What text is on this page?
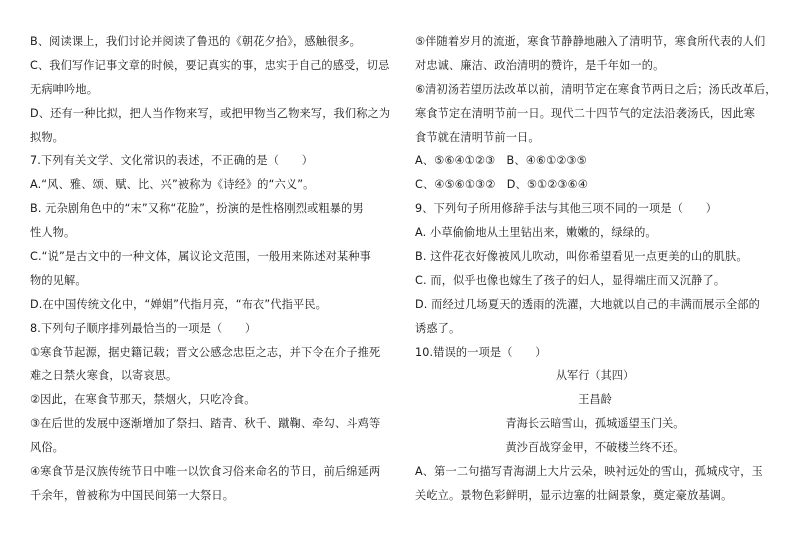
B、阅读课上，我们讨论并阅读了鲁迅的《朝花夕拾》，感触很多。
C、我们写作记事文章的时候，要记真实的事，忠实于自己的感受，切忌
无病呻吟地。
D、还有一种比拟，把人当作物来写，或把甲物当乙物来写，我们称之为
拟物。
7.下列有关文学、文化常识的表述，不正确的是（　　）
A.“风、雅、颂、赋、比、兴”被称为《诗经》的“六义”。
B. 元杂剧角色中的“末”又称“花脸”，扮演的是性格刚烈或粗暴的男
性人物。
C.“说”是古文中的一种文体，属议论文范围，一般用来陈述对某种事
物的见解。
D.在中国传统文化中，“婵娟”代指月亮，“布衣”代指平民。
8.下列句子顺序排列最恰当的一项是（　　）
①寒食节起源，据史籍记载；晋文公感念忠臣之志，并下令在介子推死
难之日禁火寒食，以寄哀思。
②因此，在寒食节那天，禁烟火，只吃冷食。
③在后世的发展中逐渐增加了祭扫、踏青、秋千、蹴鞠、牵勾、斗鸡等
风俗。
④寒食节是汉族传统节日中唯一以饮食习俗来命名的节日，前后绵延两
千余年，曾被称为中国民间第一大祭日。
⑤伴随着岁月的流逝，寒食节静静地融入了清明节，寒食所代表的人们
对忠诚、廉洁、政治清明的赞许，是千年如一的。
⑥清初汤若望历法改革以前，清明节定在寒食节两日之后；汤氏改革后，
寒食节定在清明节前一日。现代二十四节气的定法沿袭汤氏，因此寒
食节就在清明节前一日。
A、⑤⑥④①②③　B、④⑥①②③⑤
C、④⑤⑥①③②　D、⑤①②③⑥④
9、下列句子所用修辞手法与其他三项不同的一项是（　　）
A. 小草偷偷地从土里钻出来，嫩嫩的，绿绿的。
B. 这件花衣好像被风儿吹动，叫你希望看见一点更美的山的肌肤。
C. 而，似乎也像也嫁生了孩子的妇人，显得端庄而又沉静了。
D. 而经过几场夏天的透雨的洗濯，大地就以自己的丰满而展示全部的
诱惑了。
10.错误的一项是（　　）
从军行（其四）
王昌龄
青海长云暗雪山，孤城遥望玉门关。
黄沙百战穿金甲，不破楼兰终不还。
A、第一二句描写青海湖上大片云朵，映衬远处的雪山，孤城戍守，玉
关屹立。景物色彩鲜明，显示边塞的壮阔景象，奠定豪放基调。
